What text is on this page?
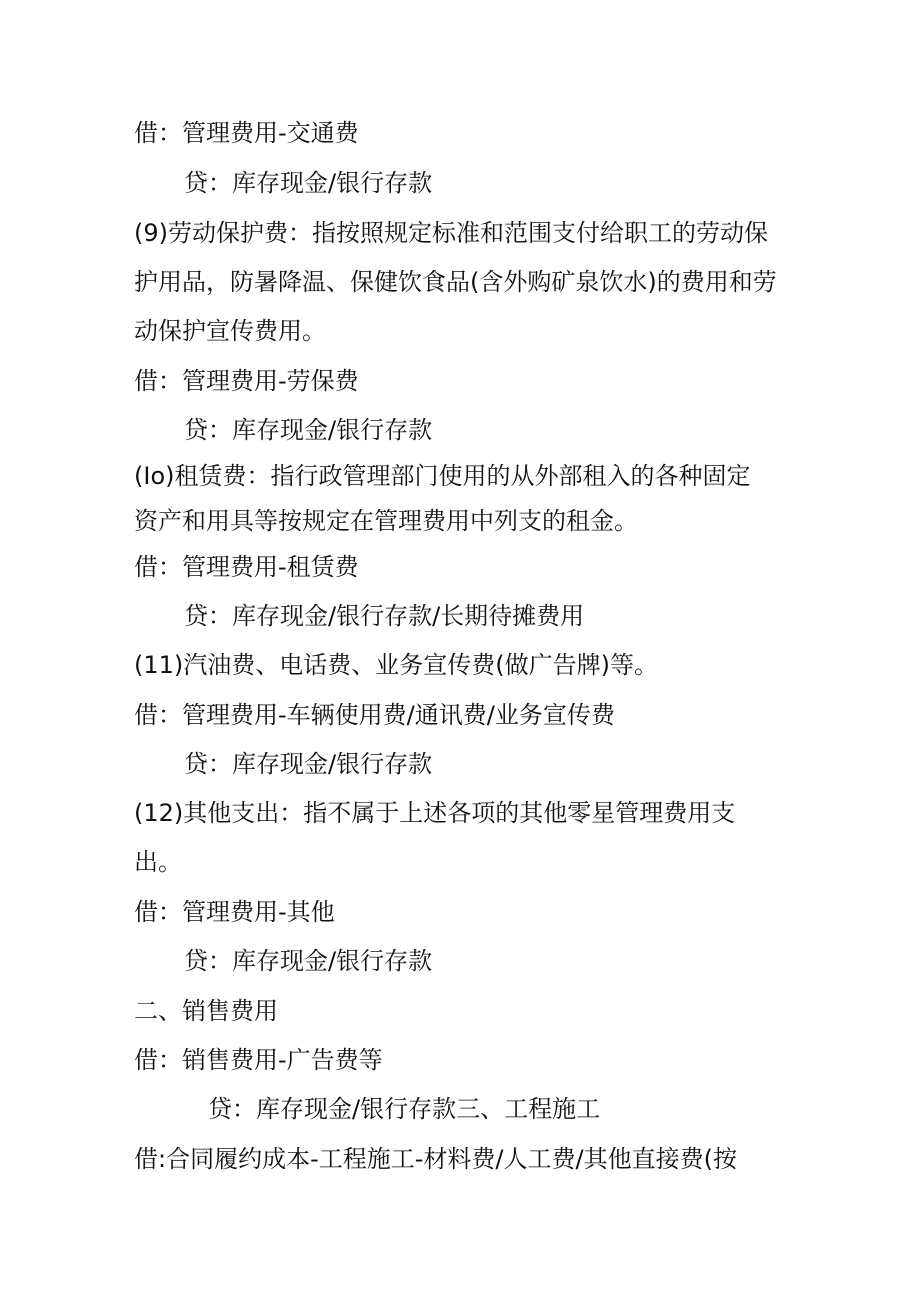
借：管理费用-交通费
贷：库存现金/银行存款
(9)劳动保护费：指按照规定标准和范围支付给职工的劳动保
护用品，防暑降温、保健饮食品(含外购矿泉饮水)的费用和劳
动保护宣传费用。
借：管理费用-劳保费
贷：库存现金/银行存款
(Io)租赁费：指行政管理部门使用的从外部租入的各种固定
资产和用具等按规定在管理费用中列支的租金。
借：管理费用-租赁费
贷：库存现金/银行存款/长期待摊费用
(11)汽油费、电话费、业务宣传费(做广告牌)等。
借：管理费用-车辆使用费/通讯费/业务宣传费
贷：库存现金/银行存款
(12)其他支出：指不属于上述各项的其他零星管理费用支
出。
借：管理费用-其他
贷：库存现金/银行存款
二、销售费用
借：销售费用-广告费等
贷：库存现金/银行存款三、工程施工
借:合同履约成本-工程施工-材料费/人工费/其他直接费(按
